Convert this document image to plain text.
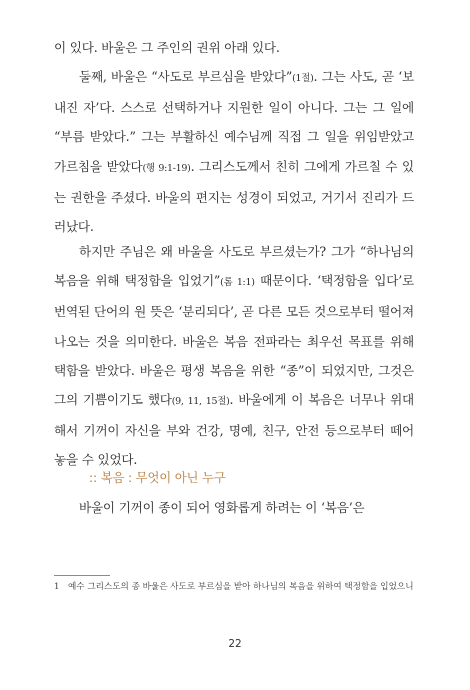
이 있다. 바울은 그 주인의 권위 아래 있다.

둘째, 바울은 “사도로 부르심을 받았다”(1절). 그는 사도, 곧 ‘보내진 자’다. 스스로 선택하거나 지원한 일이 아니다. 그는 그 일에 “부름 받았다.” 그는 부활하신 예수님께 직접 그 일을 위임받았고 가르침을 받았다(행 9:1-19). 그리스도께서 친히 그에게 가르칠 수 있는 권한을 주셨다. 바울의 편지는 성경이 되었고, 거기서 진리가 드러났다.

하지만 주님은 왜 바울을 사도로 부르셨는가? 그가 “하나님의 복음을 위해 택정함을 입었기”(롬 1:1) 때문이다. ‘택정함을 입다’로 번역된 단어의 원 뜻은 ‘분리되다’, 곧 다른 모든 것으로부터 떨어져 나오는 것을 의미한다. 바울은 복음 전파라는 최우선 목표를 위해 택함을 받았다. 바울은 평생 복음을 위한 “종”이 되었지만, 그것은 그의 기쁨이기도 했다(9, 11, 15절). 바울에게 이 복음은 너무나 위대해서 기꺼이 자신을 부와 건강, 명예, 친구, 안전 등으로부터 떼어 놓을 수 있었다.

:: 복음 : 무엇이 아닌 누구

바울이 기꺼이 종이 되어 영화롭게 하려는 이 ‘복음’은

1 예수 그리스도의 종 바울은 사도로 부르심을 받아 하나님의 복음을 위하여 택정함을 입었으니

22
